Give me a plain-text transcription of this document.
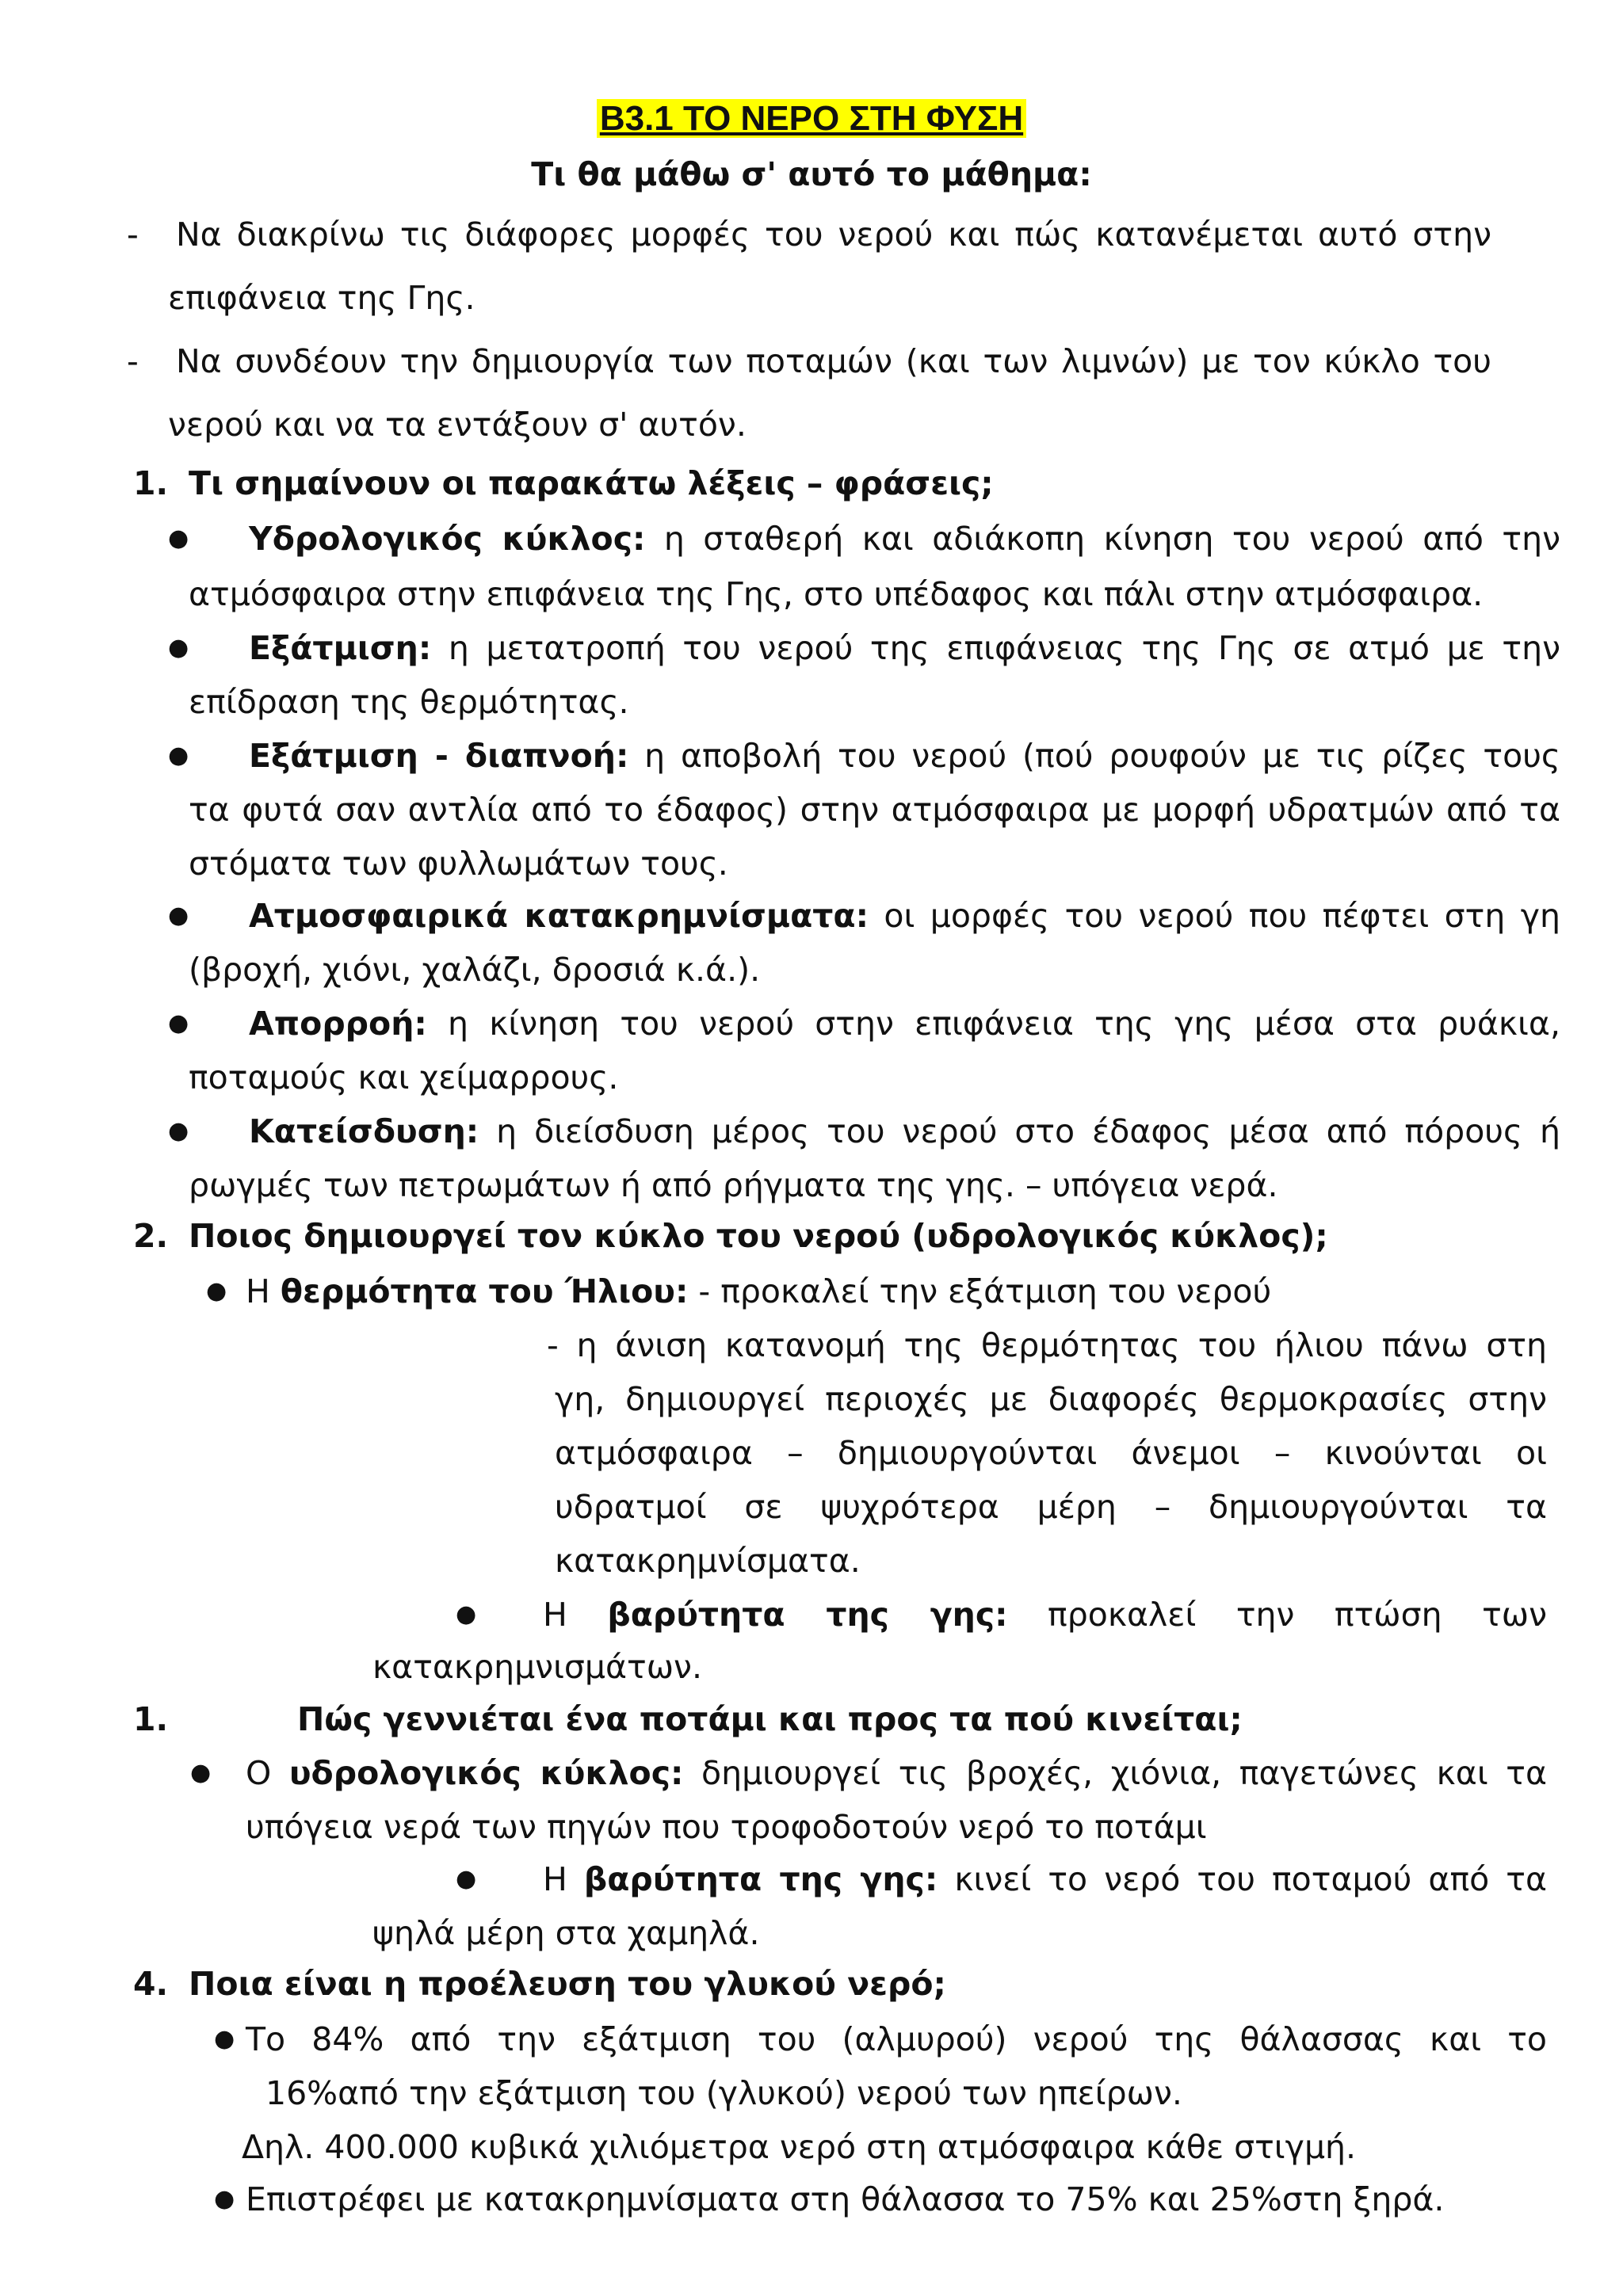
Β3.1 ΤΟ ΝΕΡΟ ΣΤΗ ΦΥΣΗ
Τι θα μάθω σ' αυτό το μάθημα:
- Να διακρίνω τις διάφορες μορφές του νερού και πώς κατανέμεται αυτό στην
επιφάνεια της Γης.
- Να συνδέουν την δημιουργία των ποταμών (και των λιμνών) με τον κύκλο του
νερού και να τα εντάξουν σ' αυτόν.
1. Τι σημαίνουν οι παρακάτω λέξεις – φράσεις;
● Υδρολογικός κύκλος: η σταθερή και αδιάκοπη κίνηση του νερού από την
ατμόσφαιρα στην επιφάνεια της Γης, στο υπέδαφος και πάλι στην ατμόσφαιρα.
● Εξάτμιση: η μετατροπή του νερού της επιφάνειας της Γης σε ατμό με την
επίδραση της θερμότητας.
● Εξάτμιση - διαπνοή: η αποβολή του νερού (πού ρουφούν με τις ρίζες τους
τα φυτά σαν αντλία από το έδαφος) στην ατμόσφαιρα με μορφή υδρατμών από τα
στόματα των φυλλωμάτων τους.
● Ατμοσφαιρικά κατακρημνίσματα: οι μορφές του νερού που πέφτει στη γη
(βροχή, χιόνι, χαλάζι, δροσιά κ.ά.).
● Απορροή: η κίνηση του νερού στην επιφάνεια της γης μέσα στα ρυάκια,
ποταμούς και χείμαρρους.
● Κατείσδυση: η διείσδυση μέρος του νερού στο έδαφος μέσα από πόρους ή
ρωγμές των πετρωμάτων ή από ρήγματα της γης. – υπόγεια νερά.
2. Ποιος δημιουργεί τον κύκλο του νερού (υδρολογικός κύκλος);
● Η θερμότητα του Ήλιου: - προκαλεί την εξάτμιση του νερού
- η άνιση κατανομή της θερμότητας του ήλιου πάνω στη
γη, δημιουργεί περιοχές με διαφορές θερμοκρασίες στην
ατμόσφαιρα – δημιουργούνται άνεμοι – κινούνται οι
υδρατμοί σε ψυχρότερα μέρη – δημιουργούνται τα
κατακρημνίσματα.
● Η βαρύτητα της γης: προκαλεί την πτώση των
κατακρημνισμάτων.
1.	Πώς γεννιέται ένα ποτάμι και προς τα πού κινείται;
● Ο υδρολογικός κύκλος: δημιουργεί τις βροχές, χιόνια, παγετώνες και τα
υπόγεια νερά των πηγών που τροφοδοτούν νερό το ποτάμι
● Η βαρύτητα της γης: κινεί το νερό του ποταμού από τα
ψηλά μέρη στα χαμηλά.
4. Ποια είναι η προέλευση του γλυκού νερό;
● Το 84% από την εξάτμιση του (αλμυρού) νερού της θάλασσας και το
16%από την εξάτμιση του (γλυκού) νερού των ηπείρων.
Δηλ. 400.000 κυβικά χιλιόμετρα νερό στη ατμόσφαιρα κάθε στιγμή.
● Επιστρέφει με κατακρημνίσματα στη θάλασσα το 75% και 25%στη ξηρά.
